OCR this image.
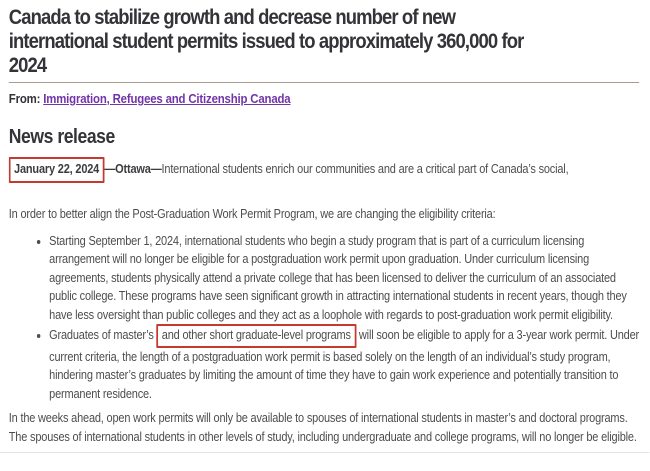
Canada to stabilize growth and decrease number of new
international student permits issued to approximately 360,000 for
2024

From: Immigration, Refugees and Citizenship Canada

News release

January 22, 2024 —Ottawa—International students enrich our communities and are a critical part of Canada’s social,

In order to better align the Post-Graduation Work Permit Program, we are changing the eligibility criteria:

• Starting September 1, 2024, international students who begin a study program that is part of a curriculum licensing arrangement will no longer be eligible for a postgraduation work permit upon graduation. Under curriculum licensing agreements, students physically attend a private college that has been licensed to deliver the curriculum of an associated public college. These programs have seen significant growth in attracting international students in recent years, though they have less oversight than public colleges and they act as a loophole with regards to post-graduation work permit eligibility.
• Graduates of master’s and other short graduate-level programs will soon be eligible to apply for a 3-year work permit. Under current criteria, the length of a postgraduation work permit is based solely on the length of an individual’s study program, hindering master’s graduates by limiting the amount of time they have to gain work experience and potentially transition to permanent residence.

In the weeks ahead, open work permits will only be available to spouses of international students in master’s and doctoral programs. The spouses of international students in other levels of study, including undergraduate and college programs, will no longer be eligible.
